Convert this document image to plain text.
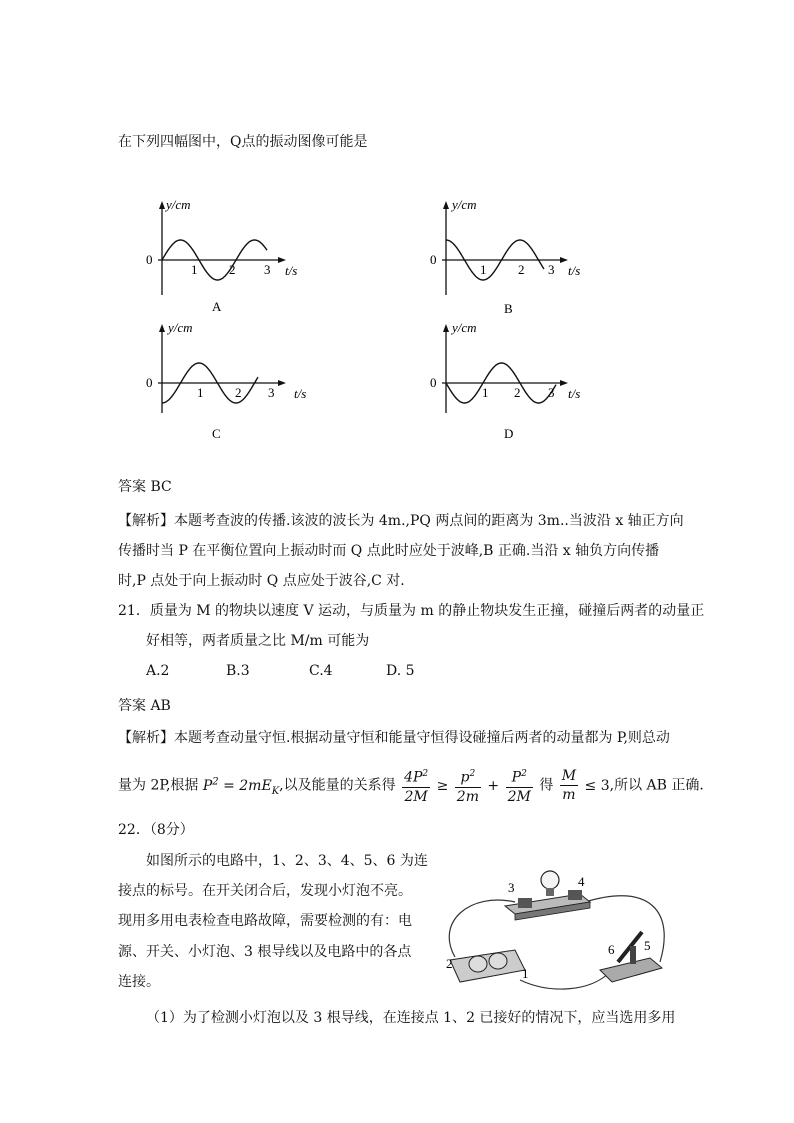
在下列四幅图中，Q点的振动图像可能是
y/cm
0
1 2 3 t/s
A
y/cm
0
1 2 3 t/s
B
y/cm
0
1 2 3 t/s
C
y/cm
0
1 2 3 t/s
D
答案 BC
【解析】本题考查波的传播.该波的波长为 4m.,PQ 两点间的距离为 3m..当波沿 x 轴正方向
传播时当 P 在平衡位置向上振动时而 Q 点此时应处于波峰,B 正确.当沿 x 轴负方向传播
时,P 点处于向上振动时 Q 点应处于波谷,C 对.
21．质量为 M 的物块以速度 V 运动，与质量为 m 的静止物块发生正撞，碰撞后两者的动量正
好相等，两者质量之比 M/m 可能为
A.2	B.3	C.4	D. 5
答案 AB
【解析】本题考查动量守恒.根据动量守恒和能量守恒得设碰撞后两者的动量都为 P,则总动
量为 2P,根据 $P^2 = 2mE_K$,以及能量的关系得 $\frac{4P^2}{2M} \ge \frac{p^2}{2m} + \frac{P^2}{2M}$ 得 $\frac{M}{m} \le 3$,所以 AB 正确.
22．（8分）
如图所示的电路中，1、2、3、4、5、6 为连
接点的标号。在开关闭合后，发现小灯泡不亮。
现用多用电表检查电路故障，需要检测的有：电
源、开关、小灯泡、3 根导线以及电路中的各点
连接。
（1）为了检测小灯泡以及 3 根导线，在连接点 1、2 已接好的情况下，应当选用多用
1
2
3	4
5
6
